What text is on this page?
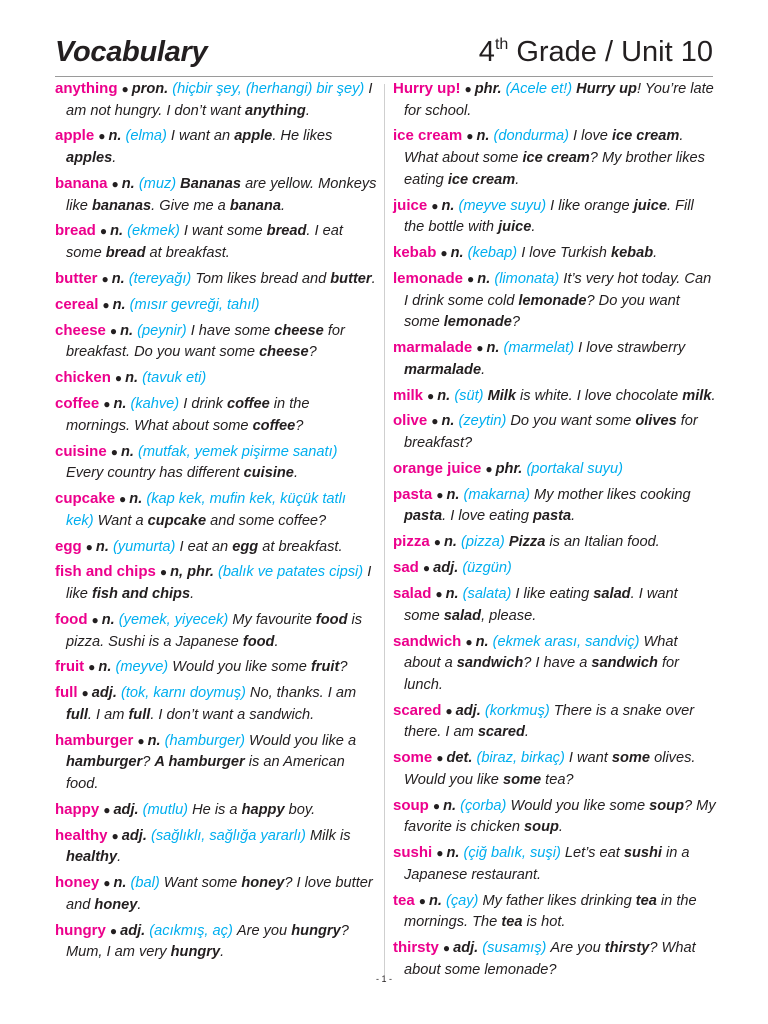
Vocabulary	4th Grade / Unit 10

anything ● pron. (hiçbir şey, (herhangi) bir şey) I am not hungry. I don’t want anything.

apple ● n. (elma) I want an apple. He likes apples.

banana ● n. (muz) Bananas are yellow. Monkeys like bananas. Give me a banana.

bread ● n. (ekmek) I want some bread. I eat some bread at breakfast.

butter ● n. (tereyağı) Tom likes bread and butter.

cereal ● n. (mısır gevreği, tahıl)

cheese ● n. (peynir) I have some cheese for breakfast. Do you want some cheese?

chicken ● n. (tavuk eti)

coffee ● n. (kahve) I drink coffee in the mornings. What about some coffee?

cuisine ● n. (mutfak, yemek pişirme sanatı) Every country has different cuisine.

cupcake ● n. (kap kek, mufin kek, küçük tatlı kek) Want a cupcake and some coffee?

egg ● n. (yumurta) I eat an egg at breakfast.

fish and chips ● n, phr. (balık ve patates cipsi) I like fish and chips.

food ● n. (yemek, yiyecek) My favourite food is pizza. Sushi is a Japanese food.

fruit ● n. (meyve) Would you like some fruit?

full ● adj. (tok, karnı doymuş) No, thanks. I am full. I am full. I don’t want a sandwich.

hamburger ● n. (hamburger) Would you like a hamburger? A hamburger is an American food.

happy ● adj. (mutlu) He is a happy boy.

healthy ● adj. (sağlıklı, sağlığa yararlı) Milk is healthy.

honey ● n. (bal) Want some honey? I love butter and honey.

hungry ● adj. (acıkmış, aç) Are you hungry? Mum, I am very hungry.

Hurry up! ● phr. (Acele et!) Hurry up! You’re late for school.

ice cream ● n. (dondurma) I love ice cream. What about some ice cream? My brother likes eating ice cream.

juice ● n. (meyve suyu) I like orange juice. Fill the bottle with juice.

kebab ● n. (kebap) I love Turkish kebab.

lemonade ● n. (limonata) It’s very hot today. Can I drink some cold lemonade? Do you want some lemonade?

marmalade ● n. (marmelat) I love strawberry marmalade.

milk ● n. (süt) Milk is white. I love chocolate milk.

olive ● n. (zeytin) Do you want some olives for breakfast?

orange juice ● phr. (portakal suyu)

pasta ● n. (makarna) My mother likes cooking pasta. I love eating pasta.

pizza ● n. (pizza) Pizza is an Italian food.

sad ● adj. (üzgün)

salad ● n. (salata) I like eating salad. I want some salad, please.

sandwich ● n. (ekmek arası, sandviç) What about a sandwich? I have a sandwich for lunch.

scared ● adj. (korkmuş) There is a snake over there. I am scared.

some ● det. (biraz, birkaç) I want some olives. Would you like some tea?

soup ● n. (çorba) Would you like some soup? My favorite is chicken soup.

sushi ● n. (çiğ balık, suşi) Let’s eat sushi in a Japanese restaurant.

tea ● n. (çay) My father likes drinking tea in the mornings. The tea is hot.

thirsty ● adj. (susamış) Are you thirsty? What about some lemonade?

- 1 -
